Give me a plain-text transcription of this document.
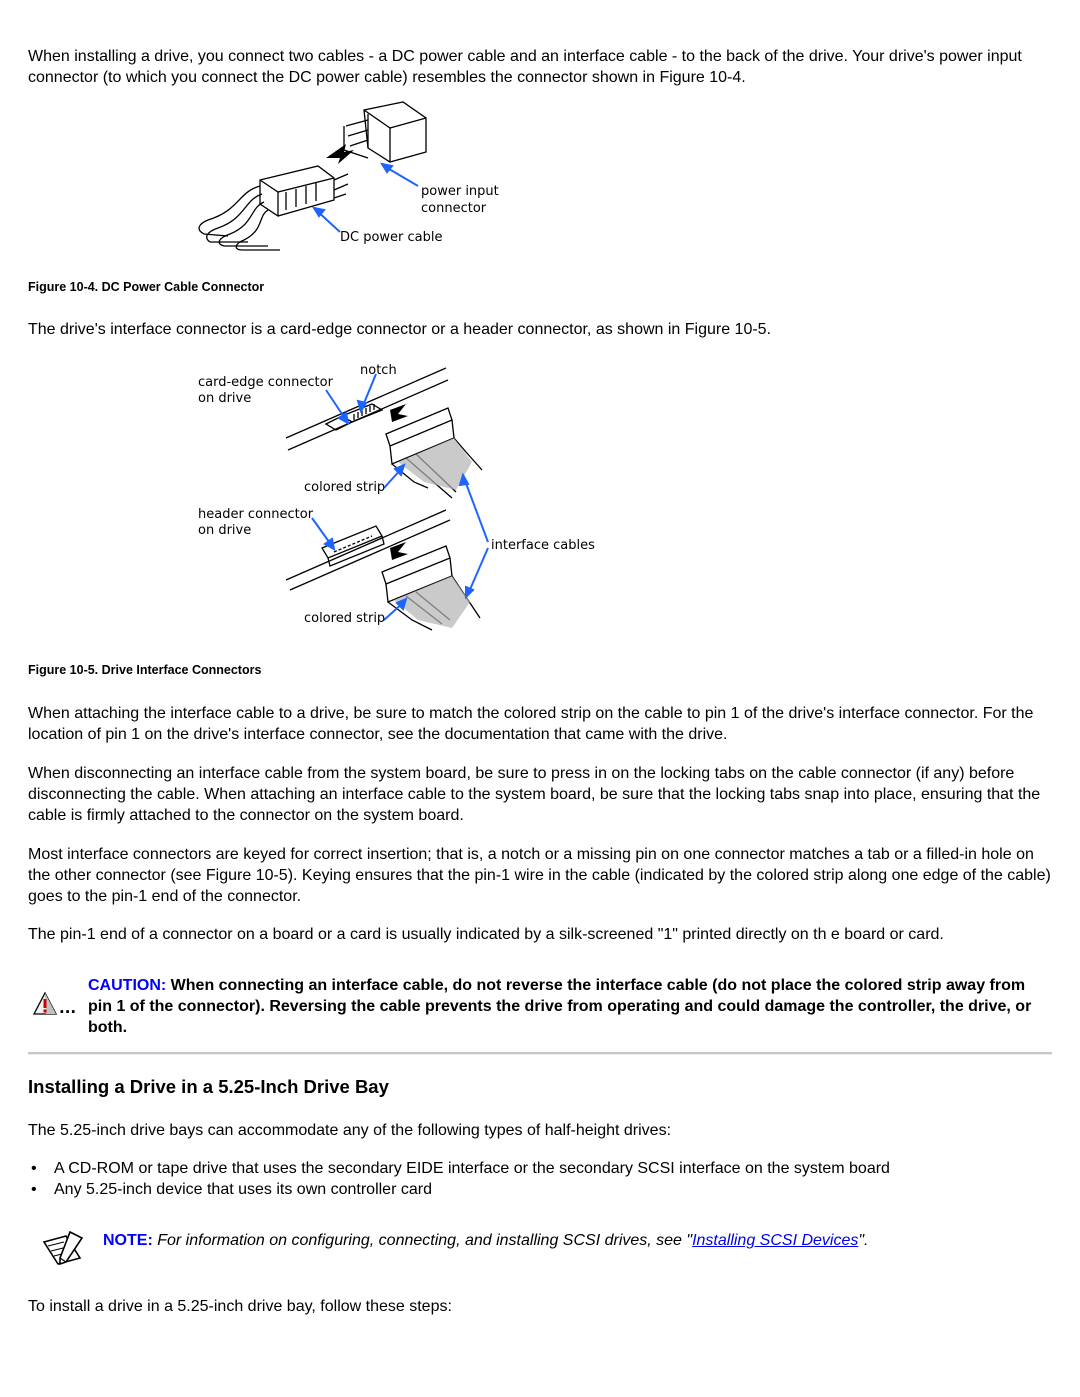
When installing a drive, you connect two cables - a DC power cable and an interface cable - to the back of the drive. Your drive's power input connector (to which you connect the DC power cable) resembles the connector shown in Figure 10-4.

power input
connector
DC power cable
Figure 10-4. DC Power Cable Connector

The drive's interface connector is a card-edge connector or a header connector, as shown in Figure 10-5.

notch
card-edge connector
on drive
colored strip
header connector
on drive
interface cables
colored strip
Figure 10-5. Drive Interface Connectors

When attaching the interface cable to a drive, be sure to match the colored strip on the cable to pin 1 of the drive's interface connector. For the location of pin 1 on the drive's interface connector, see the documentation that came with the drive.

When disconnecting an interface cable from the system board, be sure to press in on the locking tabs on the cable connector (if any) before disconnecting the cable. When attaching an interface cable to the system board, be sure that the locking tabs snap into place, ensuring that the cable is firmly attached to the connector on the system board.

Most interface connectors are keyed for correct insertion; that is, a notch or a missing pin on one connector matches a tab or a filled-in hole on the other connector (see Figure 10-5). Keying ensures that the pin-1 wire in the cable (indicated by the colored strip along one edge of the cable) goes to the pin-1 end of the connector.

The pin-1 end of a connector on a board or a card is usually indicated by a silk-screened "1" printed directly on th e board or card.

...
CAUTION: When connecting an interface cable, do not reverse the interface cable (do not place the colored strip away from pin 1 of the connector). Reversing the cable prevents the drive from operating and could damage the controller, the drive, or both.
Installing a Drive in a 5.25-Inch Drive Bay

The 5.25-inch drive bays can accommodate any of the following types of half-height drives:

• A CD-ROM or tape drive that uses the secondary EIDE interface or the secondary SCSI interface on the system board
• Any 5.25-inch device that uses its own controller card
NOTE: For information on configuring, connecting, and installing SCSI drives, see "Installing SCSI Devices".

To install a drive in a 5.25-inch drive bay, follow these steps:
